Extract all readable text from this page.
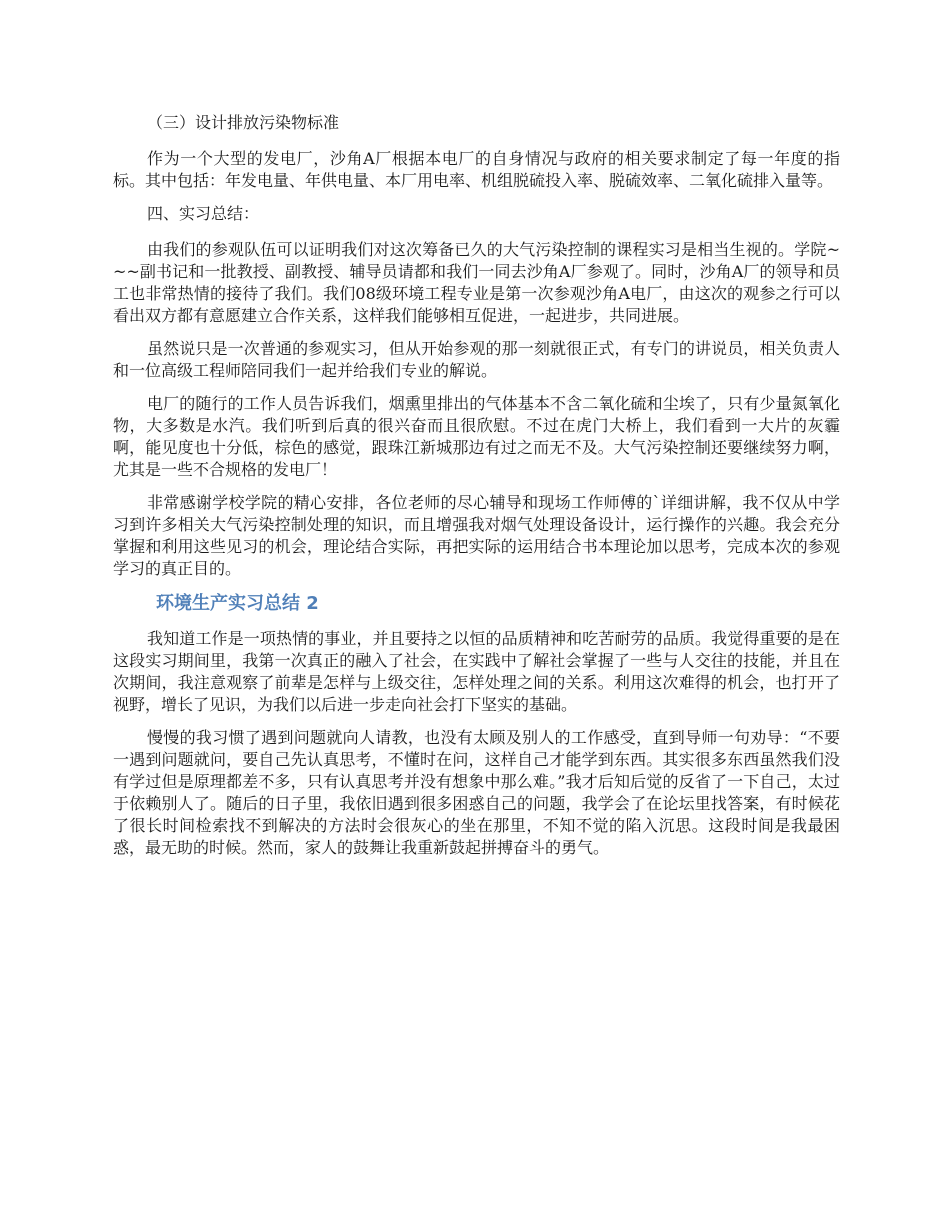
（三）设计排放污染物标准

作为一个大型的发电厂，沙角A厂根据本电厂的自身情况与政府的相关要求制定了每一年度的指标。其中包括：年发电量、年供电量、本厂用电率、机组脱硫投入率、脱硫效率、二氧化硫排入量等。

四、实习总结：

由我们的参观队伍可以证明我们对这次筹备已久的大气污染控制的课程实习是相当生视的。学院~~~副书记和一批教授、副教授、辅导员请都和我们一同去沙角A厂参观了。同时，沙角A厂的领导和员工也非常热情的接待了我们。我们08级环境工程专业是第一次参观沙角A电厂，由这次的观参之行可以看出双方都有意愿建立合作关系，这样我们能够相互促进，一起进步，共同进展。

虽然说只是一次普通的参观实习，但从开始参观的那一刻就很正式，有专门的讲说员，相关负责人和一位高级工程师陪同我们一起并给我们专业的解说。

电厂的随行的工作人员告诉我们，烟熏里排出的气体基本不含二氧化硫和尘埃了，只有少量氮氧化物，大多数是水汽。我们听到后真的很兴奋而且很欣慰。不过在虎门大桥上，我们看到一大片的灰霾啊，能见度也十分低，棕色的感觉，跟珠江新城那边有过之而无不及。大气污染控制还要继续努力啊，尤其是一些不合规格的发电厂！

非常感谢学校学院的精心安排，各位老师的尽心辅导和现场工作师傅的`详细讲解，我不仅从中学习到许多相关大气污染控制处理的知识，而且增强我对烟气处理设备设计，运行操作的兴趣。我会充分掌握和利用这些见习的机会，理论结合实际，再把实际的运用结合书本理论加以思考，完成本次的参观学习的真正目的。

环境生产实习总结 2

我知道工作是一项热情的事业，并且要持之以恒的品质精神和吃苦耐劳的品质。我觉得重要的是在这段实习期间里，我第一次真正的融入了社会，在实践中了解社会掌握了一些与人交往的技能，并且在次期间，我注意观察了前辈是怎样与上级交往，怎样处理之间的关系。利用这次难得的机会，也打开了视野，增长了见识，为我们以后进一步走向社会打下坚实的基础。

慢慢的我习惯了遇到问题就向人请教，也没有太顾及别人的工作感受，直到导师一句劝导：“不要一遇到问题就问，要自己先认真思考，不懂时在问，这样自己才能学到东西。其实很多东西虽然我们没有学过但是原理都差不多，只有认真思考并没有想象中那么难。”我才后知后觉的反省了一下自己，太过于依赖别人了。随后的日子里，我依旧遇到很多困惑自己的问题，我学会了在论坛里找答案，有时候花了很长时间检索找不到解决的方法时会很灰心的坐在那里，不知不觉的陷入沉思。这段时间是我最困惑，最无助的时候。然而，家人的鼓舞让我重新鼓起拼搏奋斗的勇气。
